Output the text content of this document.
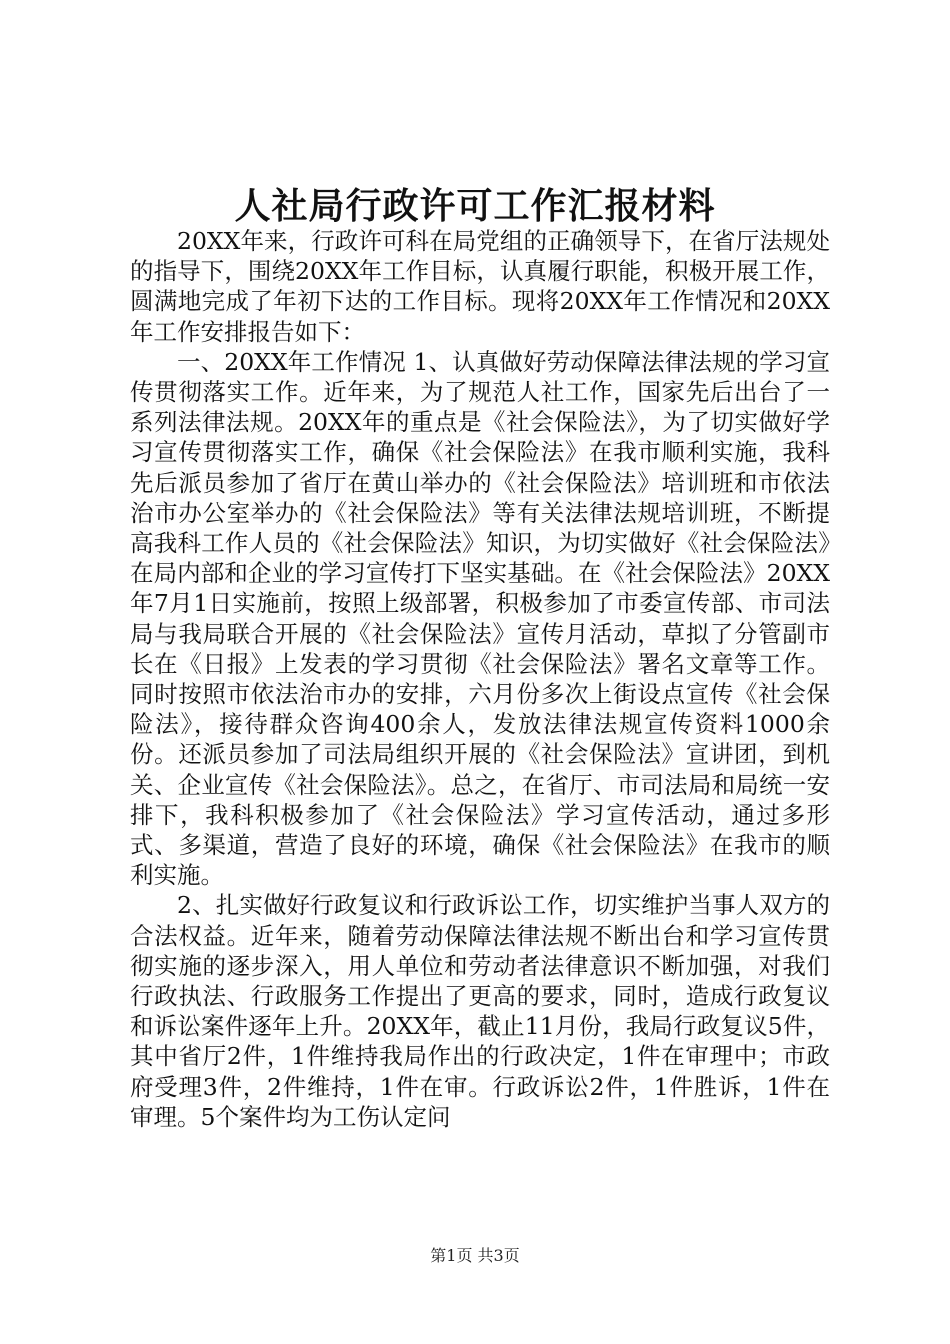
人社局行政许可工作汇报材料

20XX年来，行政许可科在局党组的正确领导下，在省厅法规处的指导下，围绕20XX年工作目标，认真履行职能，积极开展工作，圆满地完成了年初下达的工作目标。现将20XX年工作情况和20XX年工作安排报告如下：

一、20XX年工作情况 1、认真做好劳动保障法律法规的学习宣传贯彻落实工作。近年来，为了规范人社工作，国家先后出台了一系列法律法规。20XX年的重点是《社会保险法》，为了切实做好学习宣传贯彻落实工作，确保《社会保险法》在我市顺利实施，我科先后派员参加了省厅在黄山举办的《社会保险法》培训班和市依法治市办公室举办的《社会保险法》等有关法律法规培训班，不断提高我科工作人员的《社会保险法》知识，为切实做好《社会保险法》在局内部和企业的学习宣传打下坚实基础。在《社会保险法》20XX年7月1日实施前，按照上级部署，积极参加了市委宣传部、市司法局与我局联合开展的《社会保险法》宣传月活动，草拟了分管副市长在《日报》上发表的学习贯彻《社会保险法》署名文章等工作。同时按照市依法治市办的安排，六月份多次上街设点宣传《社会保险法》，接待群众咨询400余人，发放法律法规宣传资料1000余份。还派员参加了司法局组织开展的《社会保险法》宣讲团，到机关、企业宣传《社会保险法》。总之，在省厅、市司法局和局统一安排下，我科积极参加了《社会保险法》学习宣传活动，通过多形式、多渠道，营造了良好的环境，确保《社会保险法》在我市的顺利实施。

2、扎实做好行政复议和行政诉讼工作，切实维护当事人双方的合法权益。近年来，随着劳动保障法律法规不断出台和学习宣传贯彻实施的逐步深入，用人单位和劳动者法律意识不断加强，对我们行政执法、行政服务工作提出了更高的要求，同时，造成行政复议和诉讼案件逐年上升。20XX年，截止11月份，我局行政复议5件，其中省厅2件，1件维持我局作出的行政决定，1件在审理中；市政府受理3件，2件维持，1件在审。行政诉讼2件，1件胜诉，1件在审理。5个案件均为工伤认定问

第1页 共3页
